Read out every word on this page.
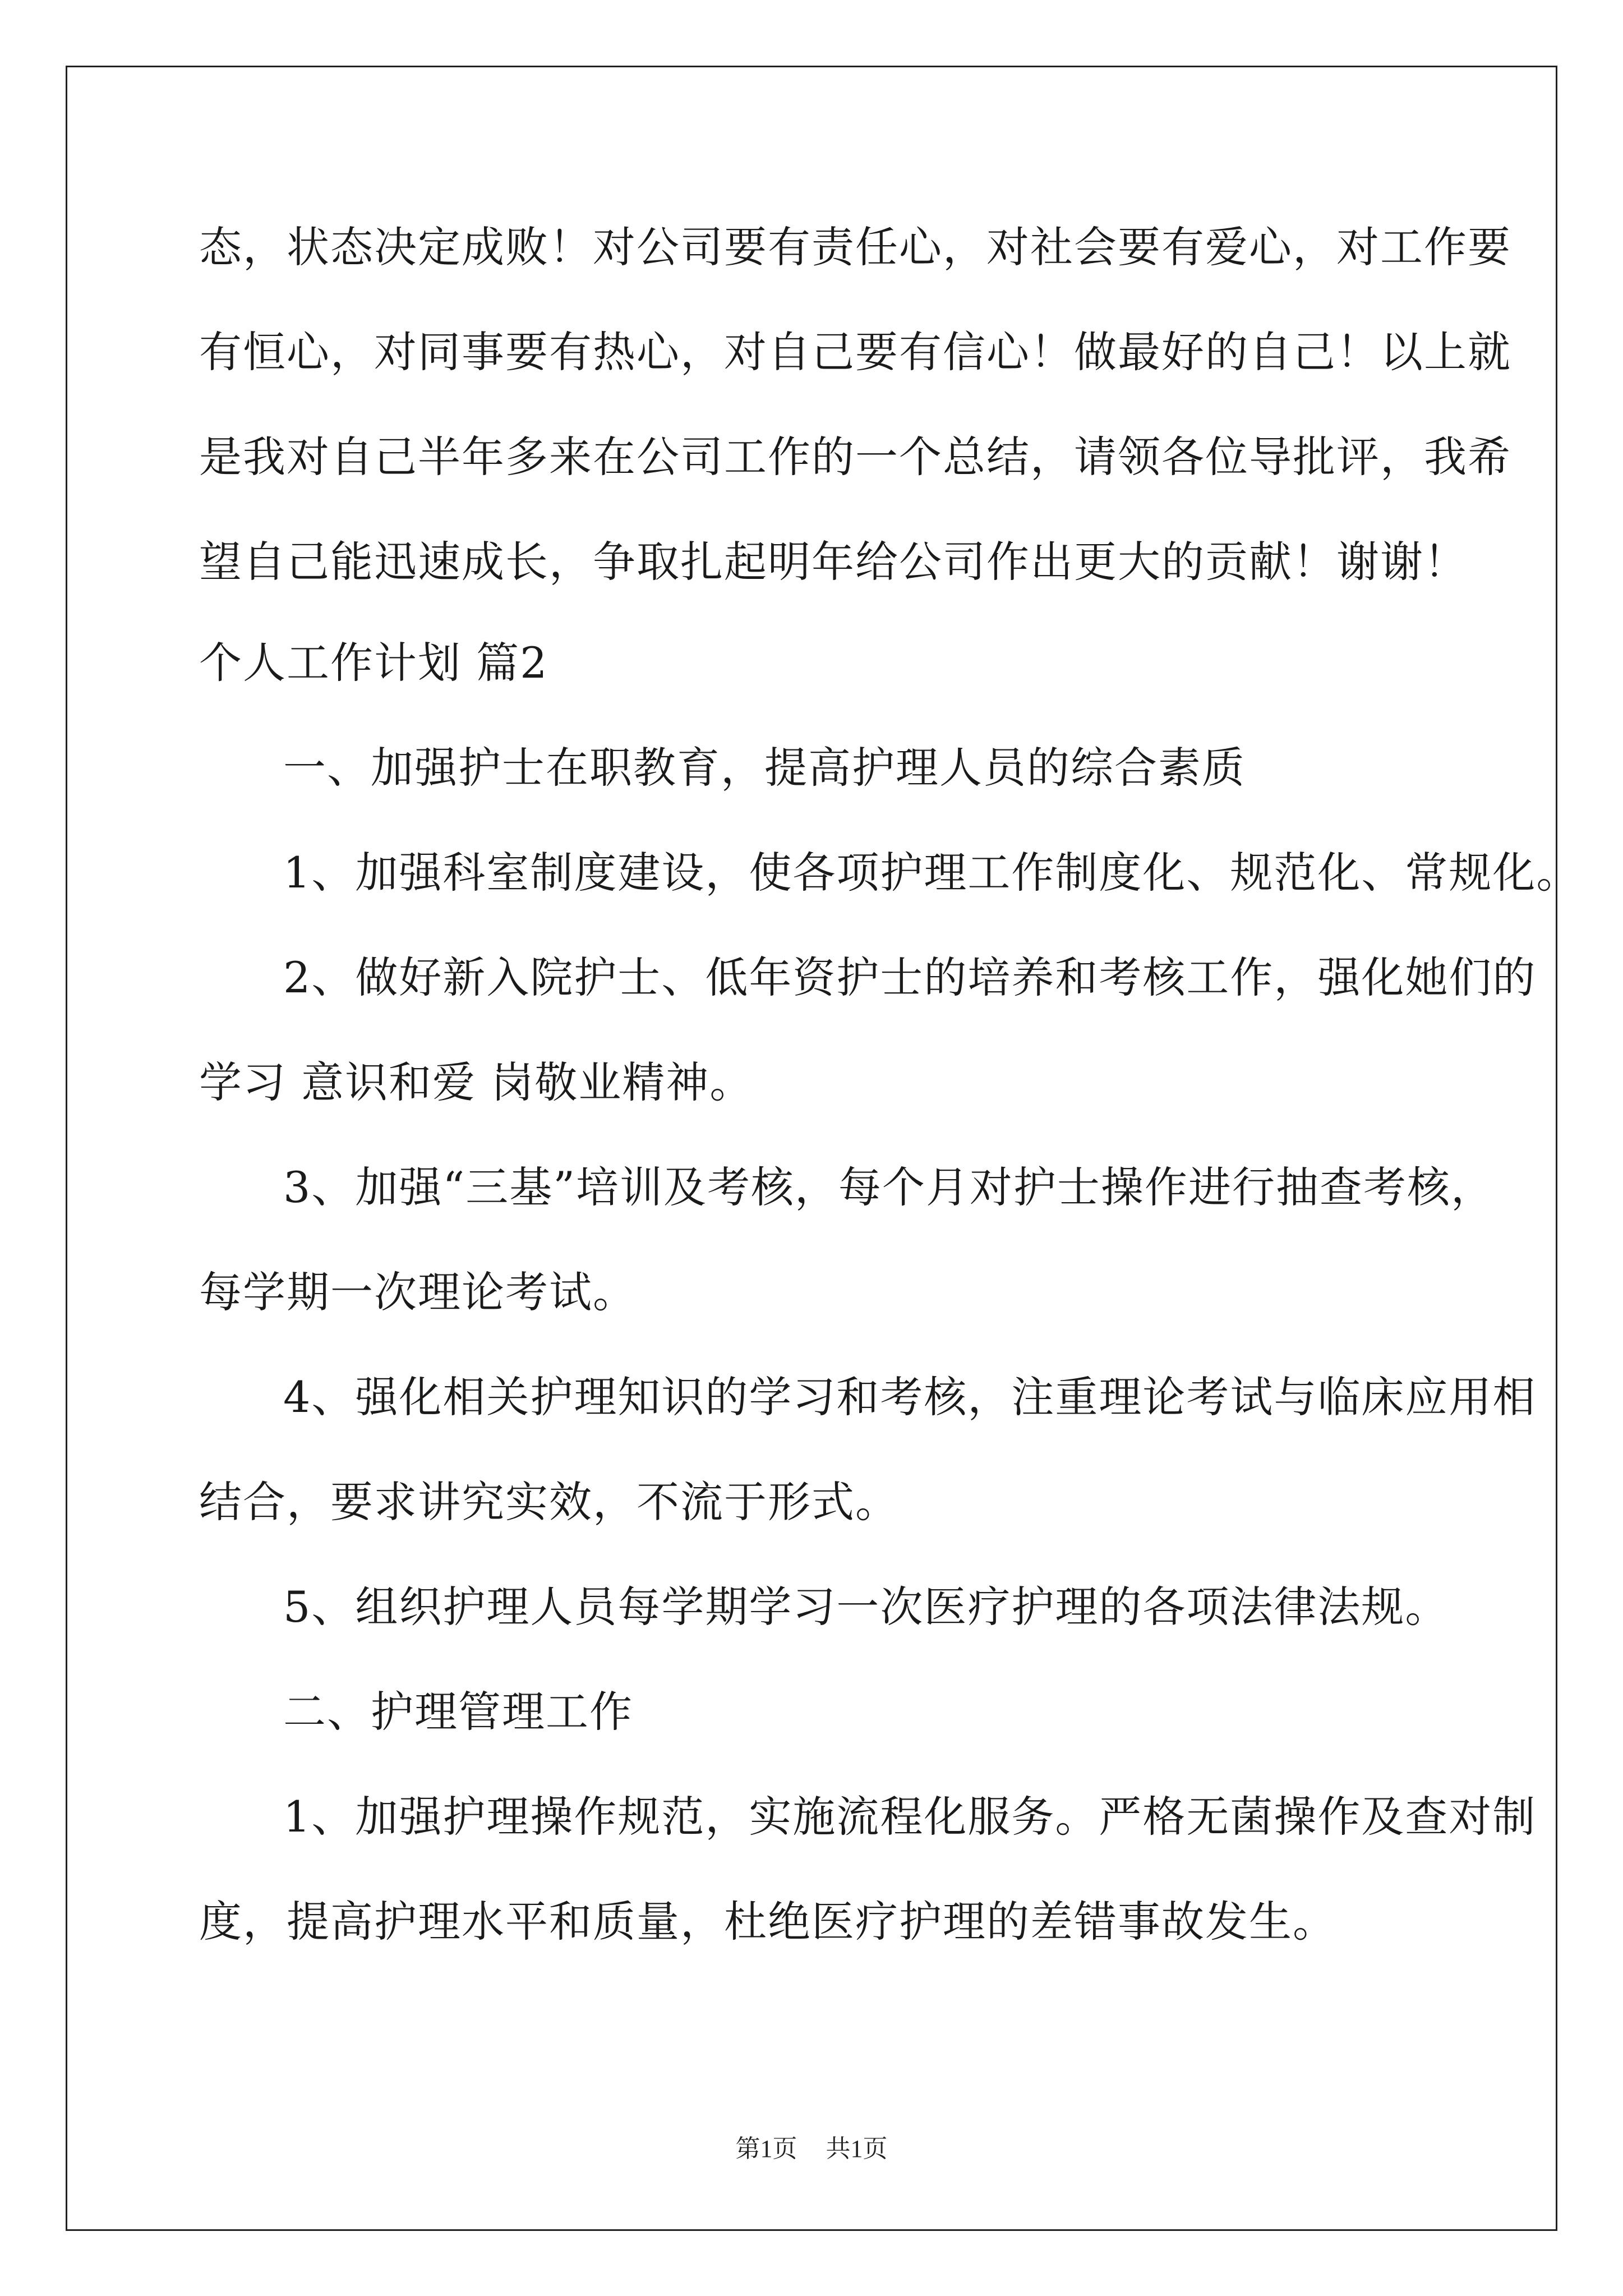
态，状态决定成败！对公司要有责任心，对社会要有爱心，对工作要
有恒心，对同事要有热心，对自己要有信心！做最好的自己！以上就
是我对自己半年多来在公司工作的一个总结，请领各位导批评，我希
望自己能迅速成长，争取扎起明年给公司作出更大的贡献！谢谢！
个人工作计划 篇2
一、加强护士在职教育，提高护理人员的综合素质
1、加强科室制度建设，使各项护理工作制度化、规范化、常规化。
2、做好新入院护士、低年资护士的培养和考核工作，强化她们的
学习 意识和爱 岗敬业精神。
3、加强“三基”培训及考核，每个月对护士操作进行抽查考核，
每学期一次理论考试。
4、强化相关护理知识的学习和考核，注重理论考试与临床应用相
结合，要求讲究实效，不流于形式。
5、组织护理人员每学期学习一次医疗护理的各项法律法规。
二、护理管理工作
1、加强护理操作规范，实施流程化服务。严格无菌操作及查对制
度，提高护理水平和质量，杜绝医疗护理的差错事故发生。
第1页 共1页
